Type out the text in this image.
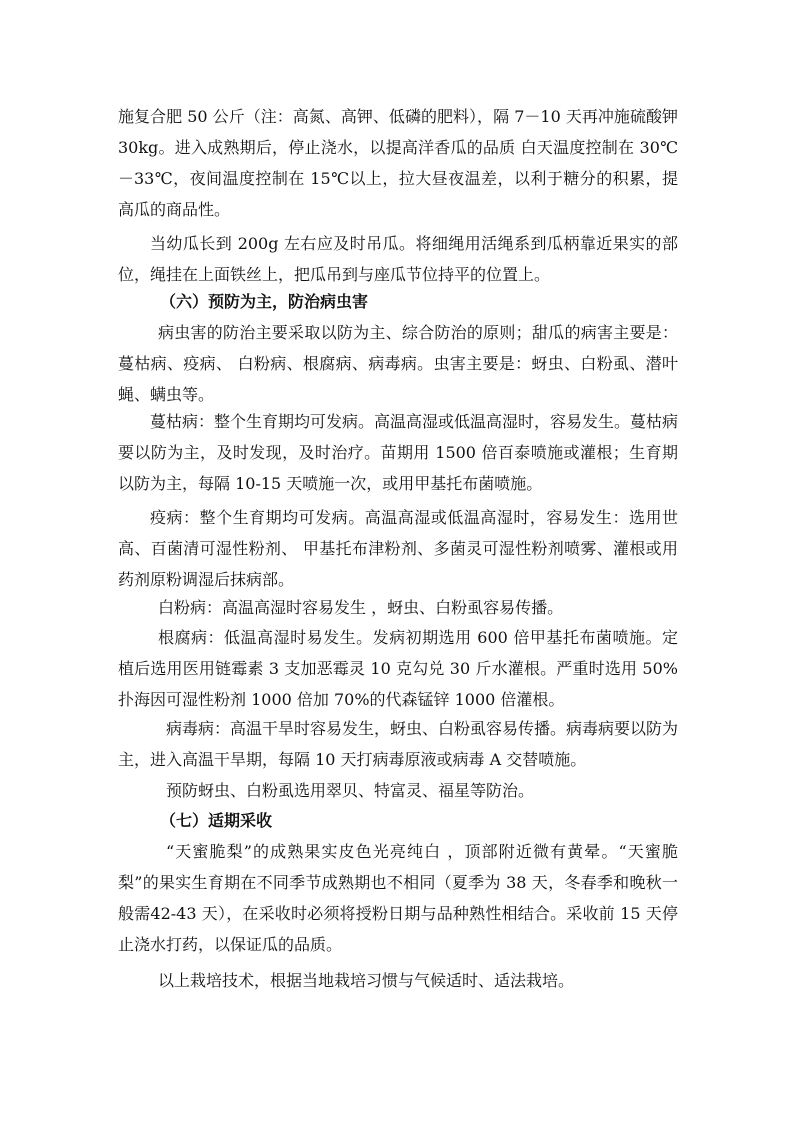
施复合肥 50 公斤（注：高氮、高钾、低磷的肥料），隔 7－10 天再冲施硫酸钾 30kg。进入成熟期后，停止浇水，以提高洋香瓜的品质 白天温度控制在 30℃－33℃，夜间温度控制在 15℃以上，拉大昼夜温差，以利于糖分的积累，提高瓜的商品性。

当幼瓜长到 200g 左右应及时吊瓜。将细绳用活绳系到瓜柄靠近果实的部位，绳挂在上面铁丝上，把瓜吊到与座瓜节位持平的位置上。

（六）预防为主，防治病虫害

病虫害的防治主要采取以防为主、综合防治的原则；甜瓜的病害主要是：蔓枯病、疫病、 白粉病、根腐病、病毒病。虫害主要是：蚜虫、白粉虱、潜叶蝇、螨虫等。

蔓枯病：整个生育期均可发病。高温高湿或低温高湿时，容易发生。蔓枯病要以防为主，及时发现，及时治疗。苗期用 1500 倍百泰喷施或灌根；生育期以防为主，每隔 10-15 天喷施一次，或用甲基托布菌喷施。

疫病：整个生育期均可发病。高温高湿或低温高湿时，容易发生：选用世高、百菌清可湿性粉剂、 甲基托布津粉剂、多菌灵可湿性粉剂喷雾、灌根或用药剂原粉调湿后抹病部。

白粉病：高温高湿时容易发生 ，蚜虫、白粉虱容易传播。

根腐病：低温高湿时易发生。发病初期选用 600 倍甲基托布菌喷施。定植后选用医用链霉素 3 支加恶霉灵 10 克勾兑 30 斤水灌根。严重时选用 50%扑海因可湿性粉剂 1000 倍加 70%的代森锰锌 1000 倍灌根。

病毒病：高温干旱时容易发生，蚜虫、白粉虱容易传播。病毒病要以防为主，进入高温干旱期，每隔 10 天打病毒原液或病毒 A 交替喷施。

预防蚜虫、白粉虱选用翠贝、特富灵、福星等防治。

（七）适期采收

“天蜜脆梨”的成熟果实皮色光亮纯白 ，顶部附近微有黄晕。“天蜜脆梨”的果实生育期在不同季节成熟期也不相同（夏季为 38 天，冬春季和晚秋一般需42-43 天），在采收时必须将授粉日期与品种熟性相结合。采收前 15 天停止浇水打药，以保证瓜的品质。

以上栽培技术，根据当地栽培习惯与气候适时、适法栽培。
